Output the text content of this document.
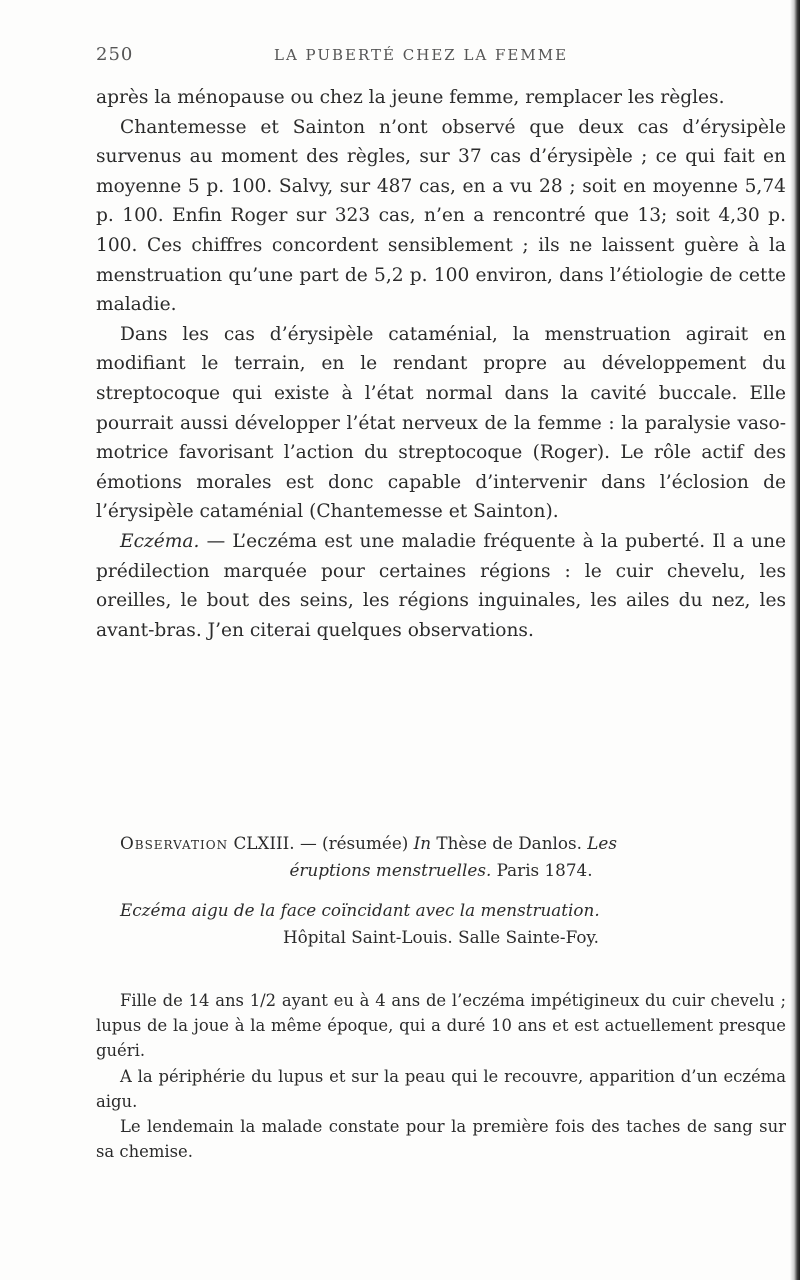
250	LA PUBERTÉ CHEZ LA FEMME

après la ménopause ou chez la jeune femme, remplacer les règles.

Chantemesse et Sainton n’ont observé que deux cas d’érysipèle survenus au moment des règles, sur 37 cas d’érysipèle ; ce qui fait en moyenne 5 p. 100. Salvy, sur 487 cas, en a vu 28 ; soit en moyenne 5,74 p. 100. Enfin Roger sur 323 cas, n’en a rencontré que 13; soit 4,30 p. 100. Ces chiffres concordent sensiblement ; ils ne laissent guère à la menstruation qu’une part de 5,2 p. 100 environ, dans l’étiologie de cette maladie.

Dans les cas d’érysipèle cataménial, la menstruation agirait en modifiant le terrain, en le rendant propre au développement du streptocoque qui existe à l’état normal dans la cavité buccale. Elle pourrait aussi développer l’état nerveux de la femme : la paralysie vaso-motrice favorisant l’action du streptocoque (Roger). Le rôle actif des émotions morales est donc capable d’intervenir dans l’éclosion de l’érysipèle cataménial (Chantemesse et Sainton).

Eczéma. — L’eczéma est une maladie fréquente à la puberté. Il a une prédilection marquée pour certaines régions : le cuir chevelu, les oreilles, le bout des seins, les régions inguinales, les ailes du nez, les avant-bras. J’en citerai quelques observations.

Observation CLXIII. — (résumée) In Thèse de Danlos. Les

éruptions menstruelles. Paris 1874.

Eczéma aigu de la face coïncidant avec la menstruation.

Hôpital Saint-Louis. Salle Sainte-Foy.

Fille de 14 ans 1/2 ayant eu à 4 ans de l’eczéma impétigineux du cuir chevelu ; lupus de la joue à la même époque, qui a duré 10 ans et est actuellement presque guéri.

A la périphérie du lupus et sur la peau qui le recouvre, apparition d’un eczéma aigu.

Le lendemain la malade constate pour la première fois des taches de sang sur sa chemise.
